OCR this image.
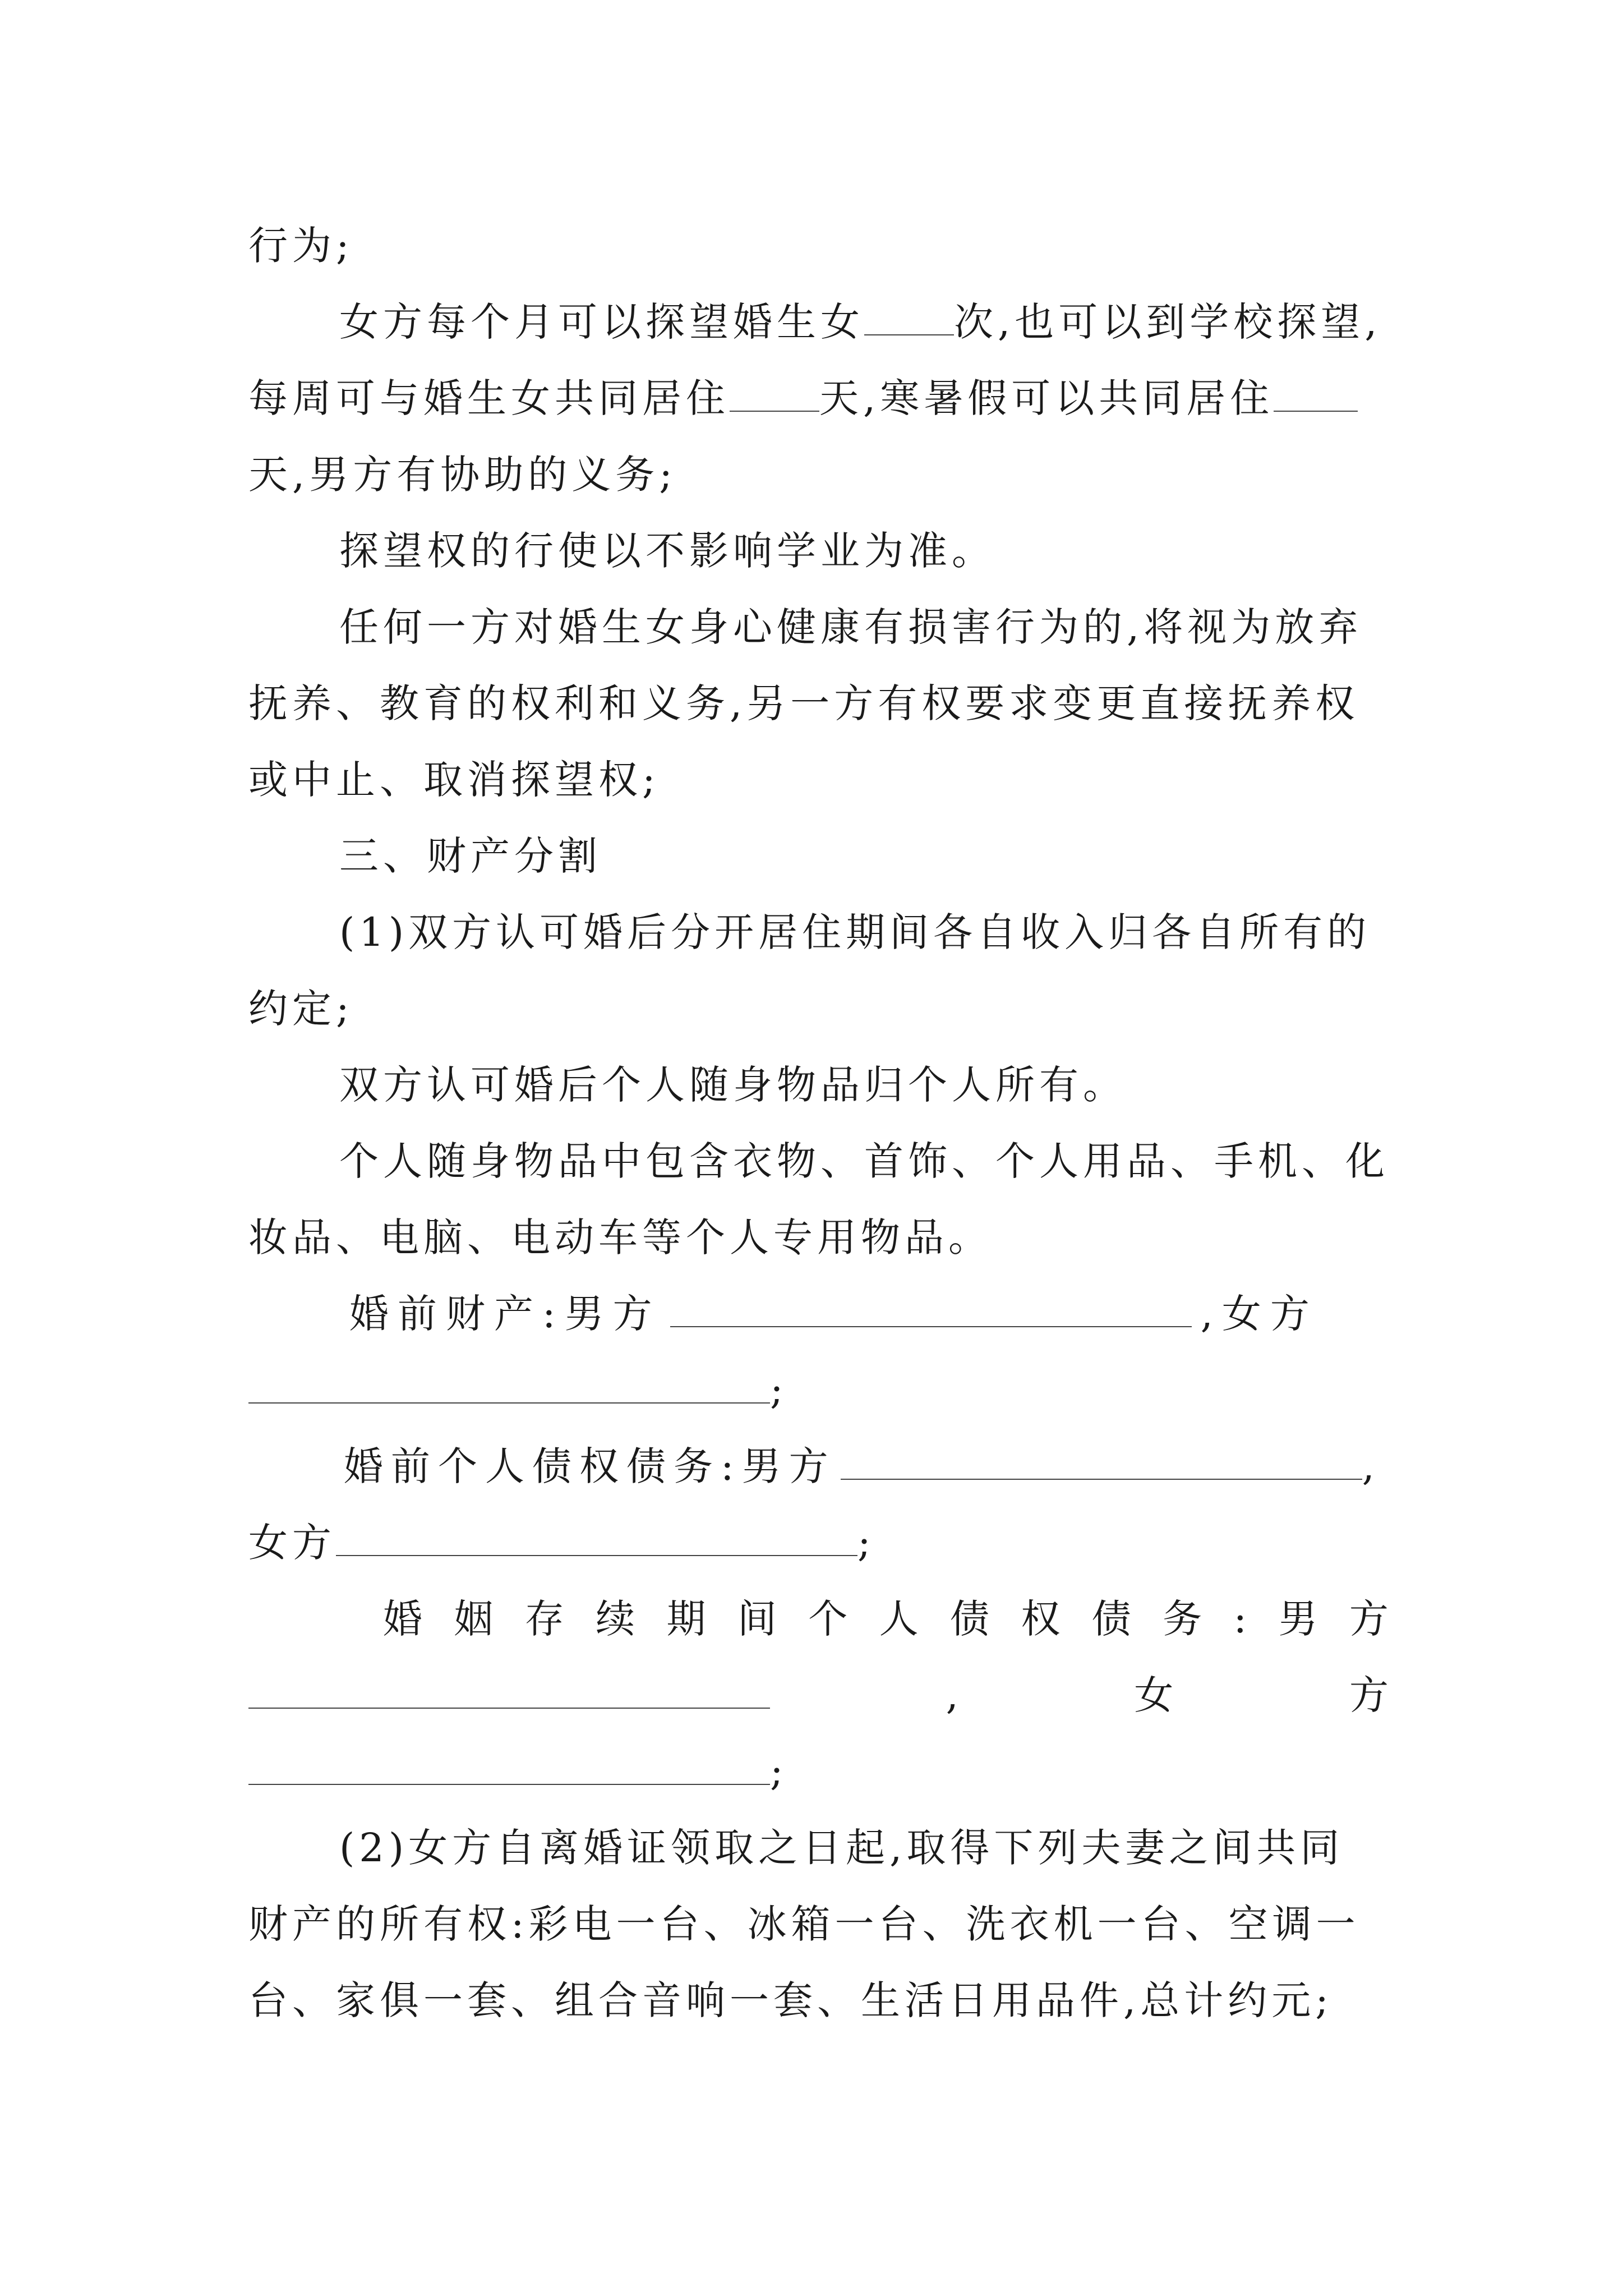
行为;
女方每个月可以探望婚生女 次,也可以到学校探望,
每周可与婚生女共同居住 天,寒暑假可以共同居住
天,男方有协助的义务;
探望权的行使以不影响学业为准。
任何一方对婚生女身心健康有损害行为的,将视为放弃
抚养、教育的权利和义务,另一方有权要求变更直接抚养权
或中止、取消探望权;
三、财产分割
(1)双方认可婚后分开居住期间各自收入归各自所有的
约定;
双方认可婚后个人随身物品归个人所有。
个人随身物品中包含衣物、首饰、个人用品、手机、化
妆品、电脑、电动车等个人专用物品。
婚前财产:男方	,女方
;
婚前个人债权债务:男方	,
女方	;
婚 姻 存 续 期 间 个 人 债 权 债 务 : 男 方
,	女	方
;
(2)女方自离婚证领取之日起,取得下列夫妻之间共同
财产的所有权:彩电一台、冰箱一台、洗衣机一台、空调一
台、家俱一套、组合音响一套、生活日用品件,总计约元;
